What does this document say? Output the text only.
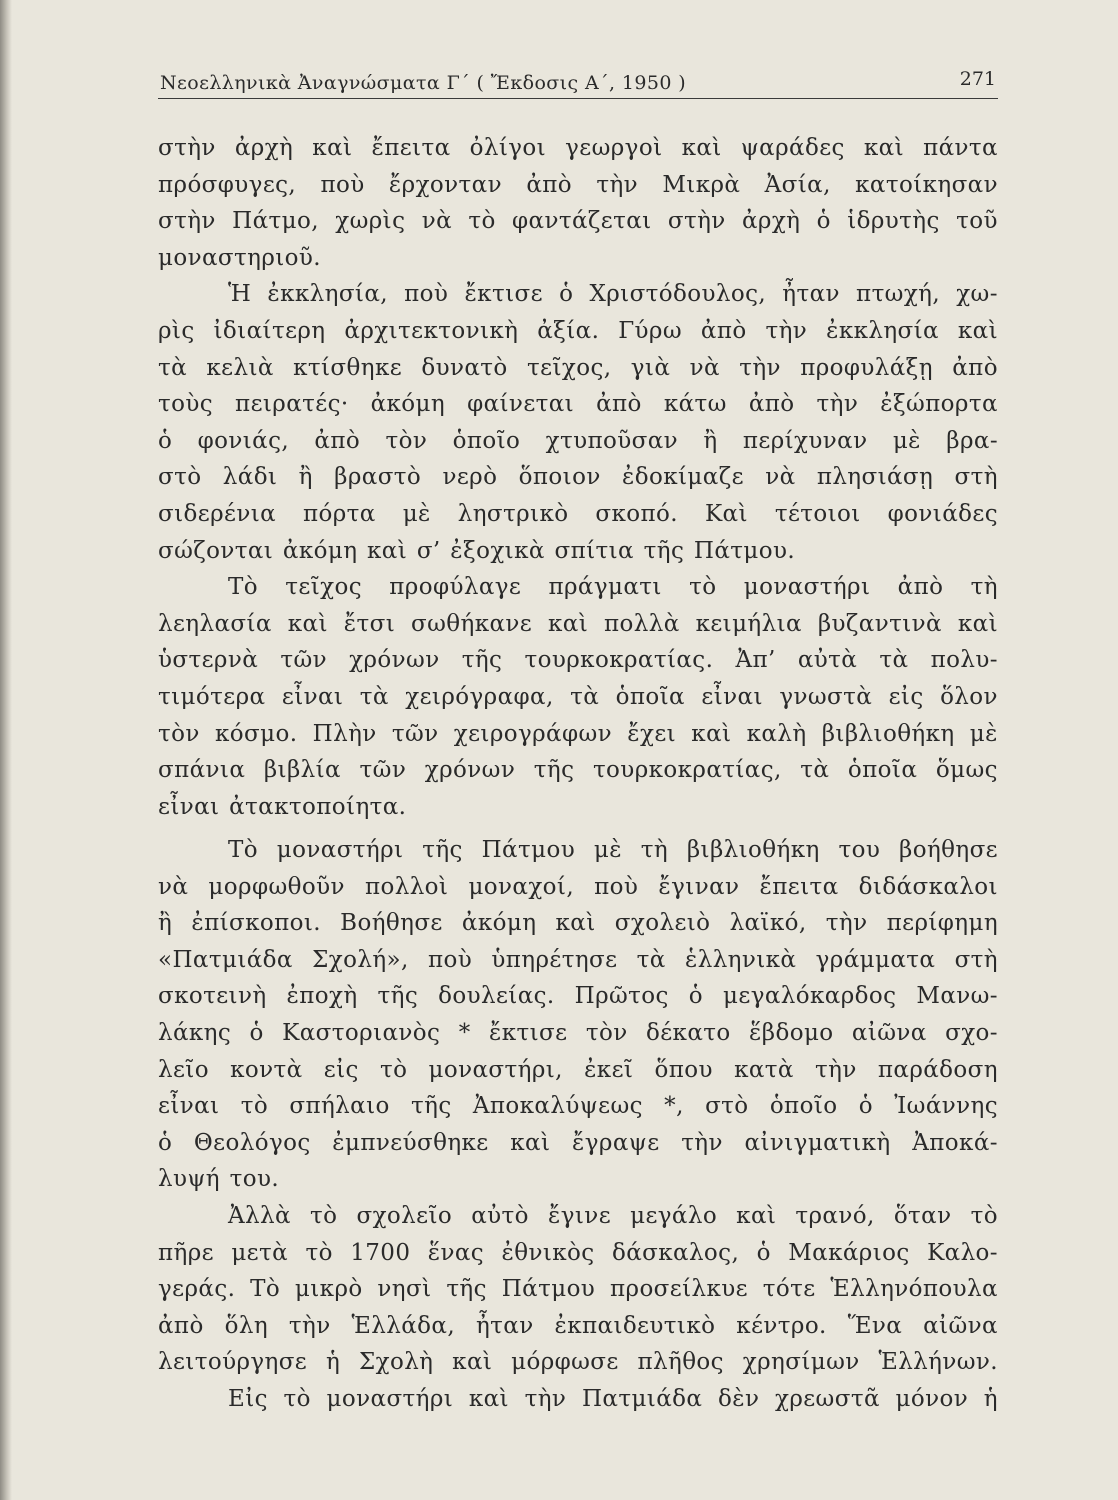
Νεοελληνικὰ Ἀναγνώσματα Γ΄ ( Ἔκδοσις Α΄, 1950 )	271
στὴν ἀρχὴ καὶ ἔπειτα ὀλίγοι γεωργοὶ καὶ ψαράδες καὶ πάντα
πρόσφυγες, ποὺ ἔρχονταν ἀπὸ τὴν Μικρὰ Ἀσία, κατοίκησαν
στὴν Πάτμο, χωρὶς νὰ τὸ φαντάζεται στὴν ἀρχὴ ὁ ἱδρυτὴς τοῦ
μοναστηριοῦ.
Ἡ ἐκκλησία, ποὺ ἔκτισε ὁ Χριστόδουλος, ἦταν πτωχή, χω-
ρὶς ἰδιαίτερη ἀρχιτεκτονικὴ ἀξία. Γύρω ἀπὸ τὴν ἐκκλησία καὶ
τὰ κελιὰ κτίσθηκε δυνατὸ τεῖχος, γιὰ νὰ τὴν προφυλάξῃ ἀπὸ
τοὺς πειρατές· ἀκόμη φαίνεται ἀπὸ κάτω ἀπὸ τὴν ἐξώπορτα
ὁ φονιάς, ἀπὸ τὸν ὁποῖο χτυποῦσαν ἢ περίχυναν μὲ βρα-
στὸ λάδι ἢ βραστὸ νερὸ ὅποιον ἐδοκίμαζε νὰ πλησιάσῃ στὴ
σιδερένια πόρτα μὲ ληστρικὸ σκοπό. Καὶ τέτοιοι φονιάδες
σώζονται ἀκόμη καὶ σ’ ἐξοχικὰ σπίτια τῆς Πάτμου.
Τὸ τεῖχος προφύλαγε πράγματι τὸ μοναστήρι ἀπὸ τὴ
λεηλασία καὶ ἔτσι σωθήκανε καὶ πολλὰ κειμήλια βυζαντινὰ καὶ
ὑστερνὰ τῶν χρόνων τῆς τουρκοκρατίας. Ἀπ’ αὐτὰ τὰ πολυ-
τιμότερα εἶναι τὰ χειρόγραφα, τὰ ὁποῖα εἶναι γνωστὰ εἰς ὅλον
τὸν κόσμο. Πλὴν τῶν χειρογράφων ἔχει καὶ καλὴ βιβλιοθήκη μὲ
σπάνια βιβλία τῶν χρόνων τῆς τουρκοκρατίας, τὰ ὁποῖα ὅμως
εἶναι ἀτακτοποίητα.
Τὸ μοναστήρι τῆς Πάτμου μὲ τὴ βιβλιοθήκη του βοήθησε
νὰ μορφωθοῦν πολλοὶ μοναχοί, ποὺ ἔγιναν ἔπειτα διδάσκαλοι
ἢ ἐπίσκοποι. Βοήθησε ἀκόμη καὶ σχολειὸ λαϊκό, τὴν περίφημη
«Πατμιάδα Σχολή», ποὺ ὑπηρέτησε τὰ ἑλληνικὰ γράμματα στὴ
σκοτεινὴ ἐποχὴ τῆς δουλείας. Πρῶτος ὁ μεγαλόκαρδος Μανω-
λάκης ὁ Καστοριανὸς * ἔκτισε τὸν δέκατο ἕβδομο αἰῶνα σχο-
λεῖο κοντὰ εἰς τὸ μοναστήρι, ἐκεῖ ὅπου κατὰ τὴν παράδοση
εἶναι τὸ σπήλαιο τῆς Ἀποκαλύψεως *, στὸ ὁποῖο ὁ Ἰωάννης
ὁ Θεολόγος ἐμπνεύσθηκε καὶ ἔγραψε τὴν αἰνιγματικὴ Ἀποκά-
λυψή του.
Ἀλλὰ τὸ σχολεῖο αὐτὸ ἔγινε μεγάλο καὶ τρανό, ὅταν τὸ
πῆρε μετὰ τὸ 1700 ἕνας ἐθνικὸς δάσκαλος, ὁ Μακάριος Καλο-
γεράς. Τὸ μικρὸ νησὶ τῆς Πάτμου προσείλκυε τότε Ἑλληνόπουλα
ἀπὸ ὅλη τὴν Ἑλλάδα, ἦταν ἐκπαιδευτικὸ κέντρο. Ἕνα αἰῶνα
λειτούργησε ἡ Σχολὴ καὶ μόρφωσε πλῆθος χρησίμων Ἑλλήνων.
Εἰς τὸ μοναστήρι καὶ τὴν Πατμιάδα δὲν χρεωστᾶ μόνον ἡ
